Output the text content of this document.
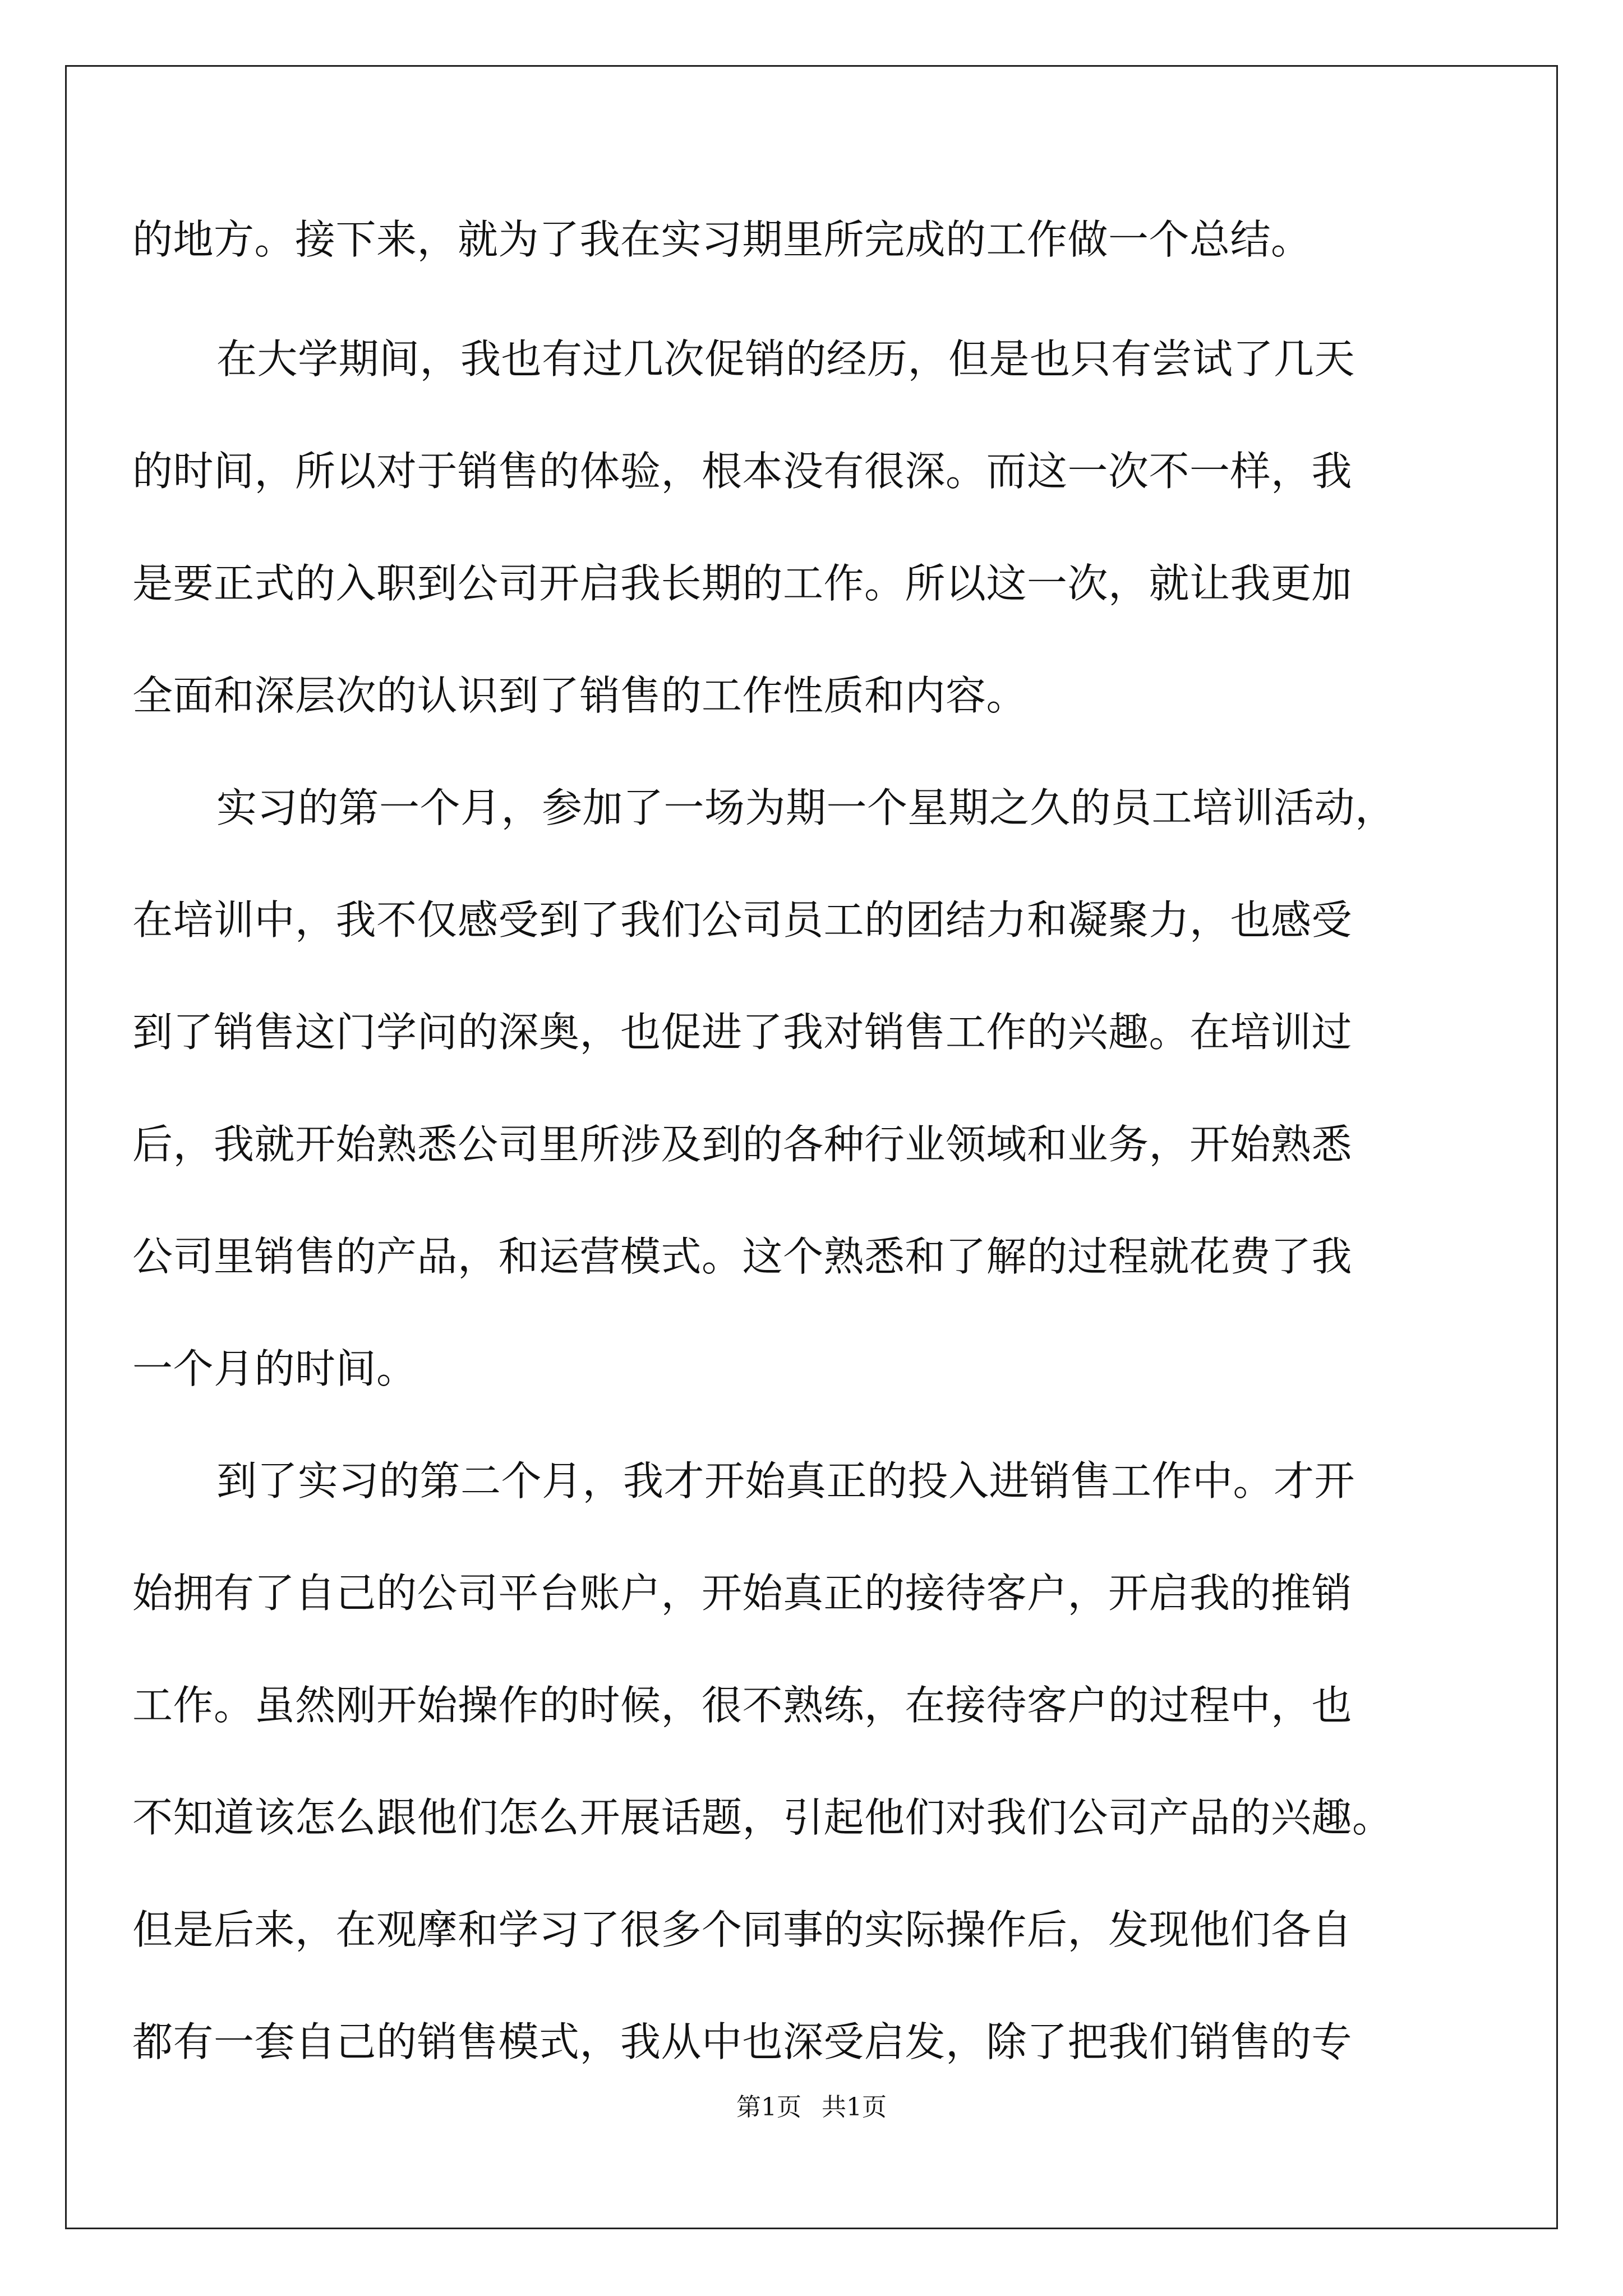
的地方。接下来，就为了我在实习期里所完成的工作做一个总结。
在大学期间，我也有过几次促销的经历，但是也只有尝试了几天
的时间，所以对于销售的体验，根本没有很深。而这一次不一样，我
是要正式的入职到公司开启我长期的工作。所以这一次，就让我更加
全面和深层次的认识到了销售的工作性质和内容。
实习的第一个月，参加了一场为期一个星期之久的员工培训活动，
在培训中，我不仅感受到了我们公司员工的团结力和凝聚力，也感受
到了销售这门学问的深奥，也促进了我对销售工作的兴趣。在培训过
后，我就开始熟悉公司里所涉及到的各种行业领域和业务，开始熟悉
公司里销售的产品，和运营模式。这个熟悉和了解的过程就花费了我
一个月的时间。
到了实习的第二个月，我才开始真正的投入进销售工作中。才开
始拥有了自己的公司平台账户，开始真正的接待客户，开启我的推销
工作。虽然刚开始操作的时候，很不熟练，在接待客户的过程中，也
不知道该怎么跟他们怎么开展话题，引起他们对我们公司产品的兴趣。
但是后来，在观摩和学习了很多个同事的实际操作后，发现他们各自
都有一套自己的销售模式，我从中也深受启发，除了把我们销售的专
第1页 共1页
